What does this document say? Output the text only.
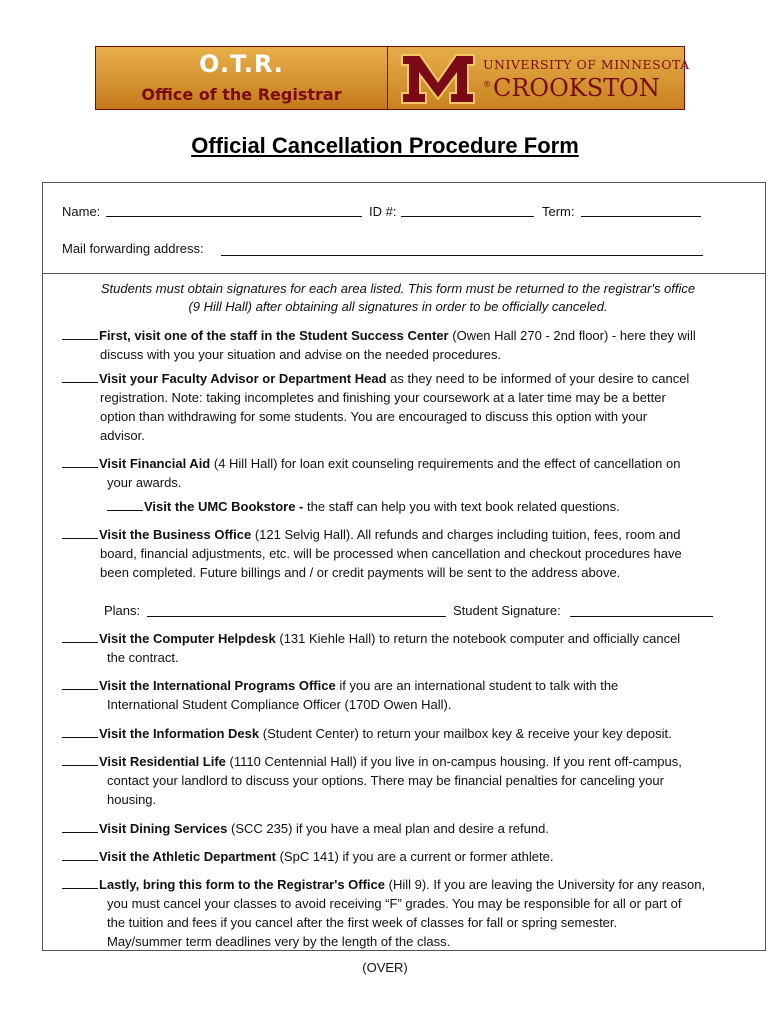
O.T.R.
Office of the Registrar
UNIVERSITY OF MINNESOTA
®CROOKSTON
Official Cancellation Procedure Form
Name:	ID #:	Term:
Mail forwarding address:
Students must obtain signatures for each area listed. This form must be returned to the registrar's office
(9 Hill Hall) after obtaining all signatures in order to be officially canceled.
First, visit one of the staff in the Student Success Center (Owen Hall 270 - 2nd floor) - here they will
discuss with you your situation and advise on the needed procedures.
Visit your Faculty Advisor or Department Head as they need to be informed of your desire to cancel
registration. Note: taking incompletes and finishing your coursework at a later time may be a better
option than withdrawing for some students. You are encouraged to discuss this option with your
advisor.
Visit Financial Aid (4 Hill Hall) for loan exit counseling requirements and the effect of cancellation on
your awards.
Visit the UMC Bookstore - the staff can help you with text book related questions.
Visit the Business Office (121 Selvig Hall). All refunds and charges including tuition, fees, room and
board, financial adjustments, etc. will be processed when cancellation and checkout procedures have
been completed. Future billings and / or credit payments will be sent to the address above.
Plans:	Student Signature:
Visit the Computer Helpdesk (131 Kiehle Hall) to return the notebook computer and officially cancel
the contract.
Visit the International Programs Office if you are an international student to talk with the
International Student Compliance Officer (170D Owen Hall).
Visit the Information Desk (Student Center) to return your mailbox key & receive your key deposit.
Visit Residential Life (1110 Centennial Hall) if you live in on-campus housing. If you rent off-campus,
contact your landlord to discuss your options. There may be financial penalties for canceling your
housing.
Visit Dining Services (SCC 235) if you have a meal plan and desire a refund.
Visit the Athletic Department (SpC 141) if you are a current or former athlete.
Lastly, bring this form to the Registrar's Office (Hill 9). If you are leaving the University for any reason,
you must cancel your classes to avoid receiving “F” grades. You may be responsible for all or part of
the tuition and fees if you cancel after the first week of classes for fall or spring semester.
May/summer term deadlines very by the length of the class.
(OVER)
